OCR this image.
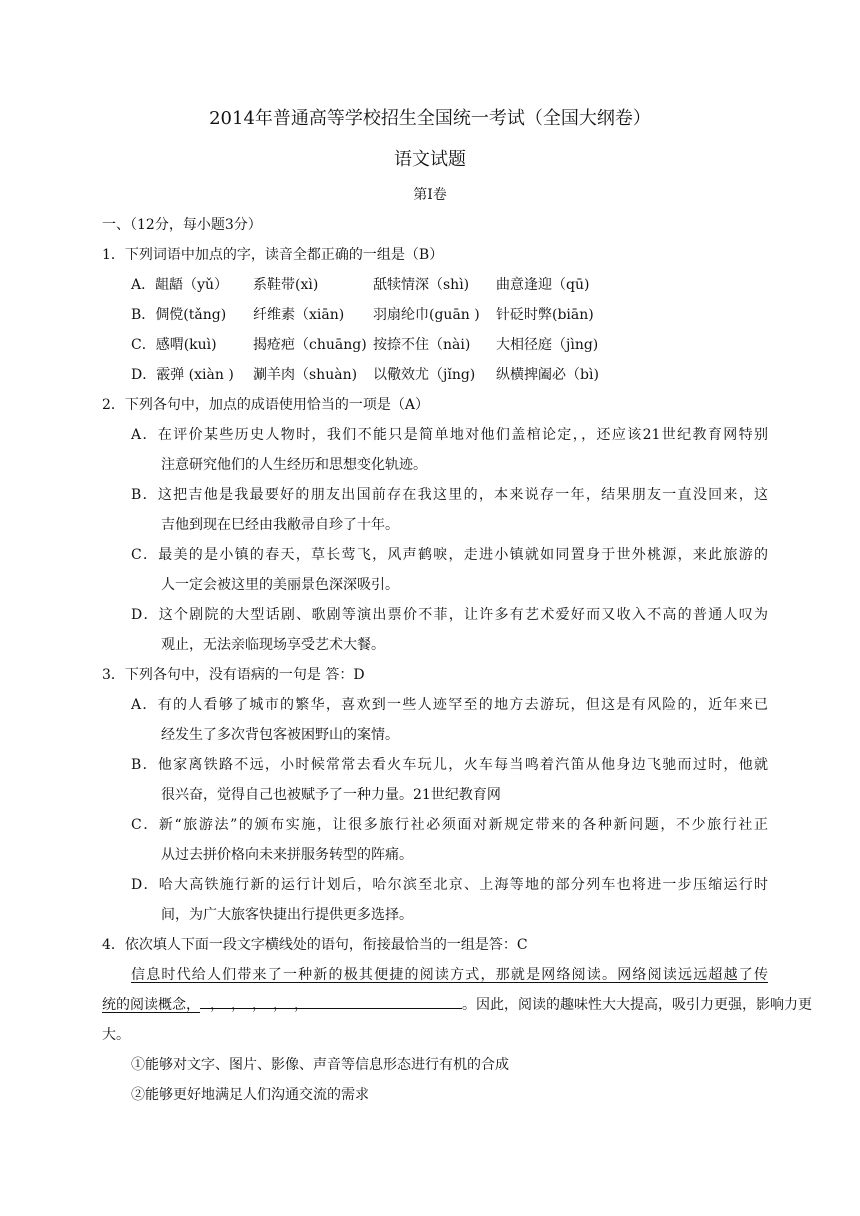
2014年普通高等学校招生全国统一考试（全国大纲卷）
语文试题
第Ⅰ卷
一、（12分，每小题3分）
1．下列词语中加点的字，读音全都正确的一组是（B）
A．龃龉（yǔ） 系鞋带(xì)	舐犊情深（shì) 曲意逢迎（qū)
B．倜傥(tǎng) 纤维素（xiān) 羽扇纶巾(guān ) 针砭时弊(biān)
C．感喟(kuì)	揭疮疤（chuāng) 按捺不住（nài) 大相径庭（jìng)
D．霰弹 (xiàn ) 涮羊肉（shuàn) 以儆效尤（jǐng) 纵横捭阖必（bì)
2．下列各句中，加点的成语使用恰当的一项是（A）
A．在评价某些历史人物时，我们不能只是简单地对他们盖棺论定，，还应该21世纪教育网特别
注意研究他们的人生经历和思想变化轨迹。
B．这把吉他是我最要好的朋友出国前存在我这里的，本来说存一年，结果朋友一直没回来，这
吉他到现在巳经由我敝帚自珍了十年。
C．最美的是小镇的春天，草长莺飞，风声鹤唳，走进小镇就如同置身于世外桃源，来此旅游的
人一定会被这里的美丽景色深深吸引。
D．这个剧院的大型话剧、歌剧等演出票价不菲，让许多有艺术爱好而又收入不高的普通人叹为
观止，无法亲临现场享受艺术大餐。
3．下列各句中，没有语病的一句是 答：D
A．有的人看够了城市的繁华，喜欢到一些人迹罕至的地方去游玩，但这是有风险的，近年来已
经发生了多次背包客被困野山的案情。
B．他家离铁路不远，小时候常常去看火车玩儿，火车每当鸣着汽笛从他身边飞驰而过时，他就
很兴奋，觉得自己也被赋予了一种力量。21世纪教育网
C．新“旅游法”的颁布实施，让很多旅行社必须面对新规定带来的各种新问题，不少旅行社正
从过去拼价格向未来拼服务转型的阵痛。
D．哈大高铁施行新的运行计划后，哈尔滨至北京、上海等地的部分列车也将进一步压缩运行时
间，为广大旅客快捷出行提供更多选择。
4．依次填人下面一段文字横线处的语句，衔接最恰当的一组是答：C
信息时代给人们带来了一种新的极其便捷的阅读方式，那就是网络阅读。网络阅读远远超越了传
统的阅读概念， ，　，　，　，　，	。因此，阅读的趣味性大大提高，吸引力更强，影响力更
大。
①能够对文字、图片、影像、声音等信息形态进行有机的合成
②能够更好地满足人们沟通交流的需求
